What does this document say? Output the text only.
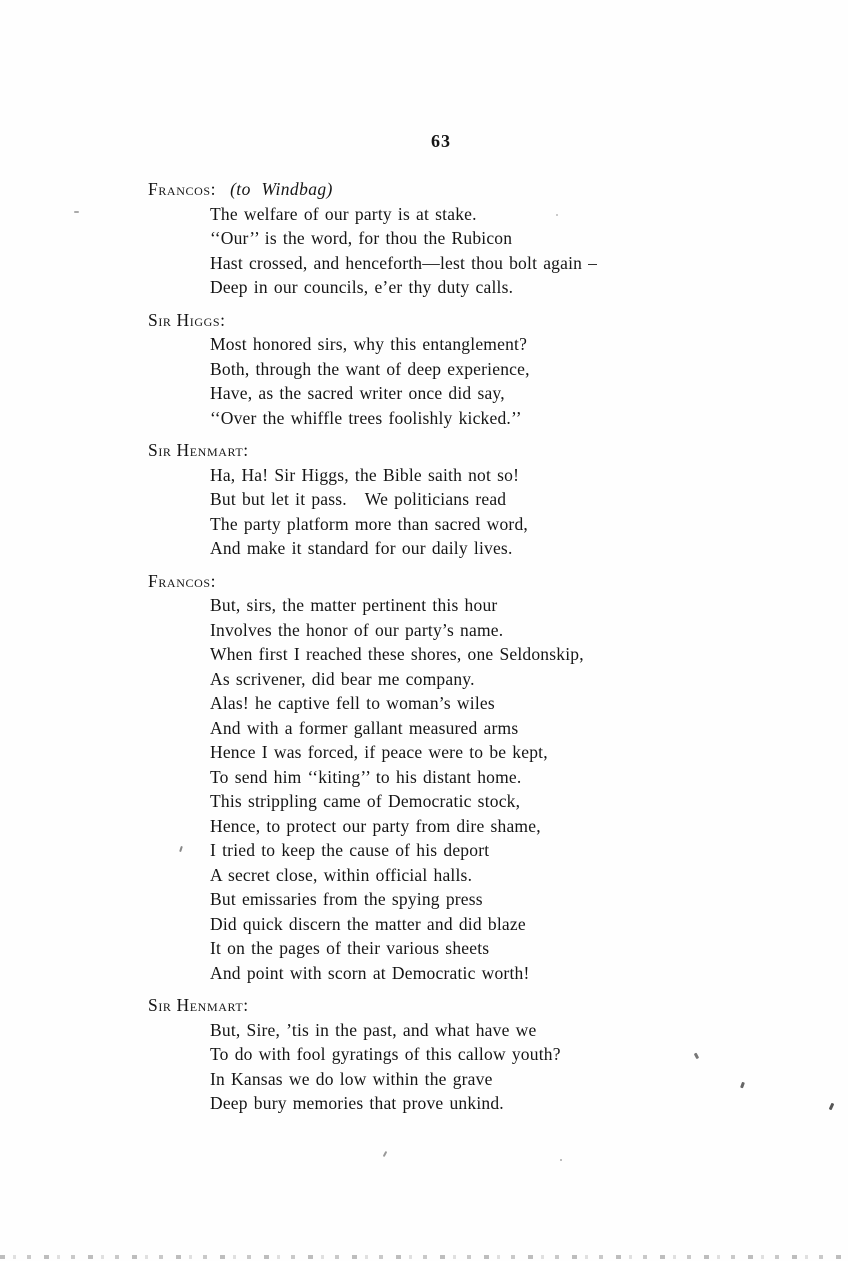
63
Francos: (to Windbag)
The welfare of our party is at stake.
‘‘Our’’ is the word, for thou the Rubicon
Hast crossed, and henceforth—lest thou bolt again –
Deep in our councils, e’er thy duty calls.
Sir Higgs:
Most honored sirs, why this entanglement?
Both, through the want of deep experience,
Have, as the sacred writer once did say,
‘‘Over the whiffle trees foolishly kicked.’’
Sir Henmart:
Ha, Ha! Sir Higgs, the Bible saith not so!
But but let it pass.   We politicians read
The party platform more than sacred word,
And make it standard for our daily lives.
Francos:
But, sirs, the matter pertinent this hour
Involves the honor of our party’s name.
When first I reached these shores, one Seldonskip,
As scrivener, did bear me company.
Alas! he captive fell to woman’s wiles
And with a former gallant measured arms
Hence I was forced, if peace were to be kept,
To send him ‘‘kiting’’ to his distant home.
This strippling came of Democratic stock,
Hence, to protect our party from dire shame,
I tried to keep the cause of his deport
A secret close, within official halls.
But emissaries from the spying press
Did quick discern the matter and did blaze
It on the pages of their various sheets
And point with scorn at Democratic worth!
Sir Henmart:
But, Sire, ’tis in the past, and what have we
To do with fool gyratings of this callow youth?
In Kansas we do low within the grave
Deep bury memories that prove unkind.
